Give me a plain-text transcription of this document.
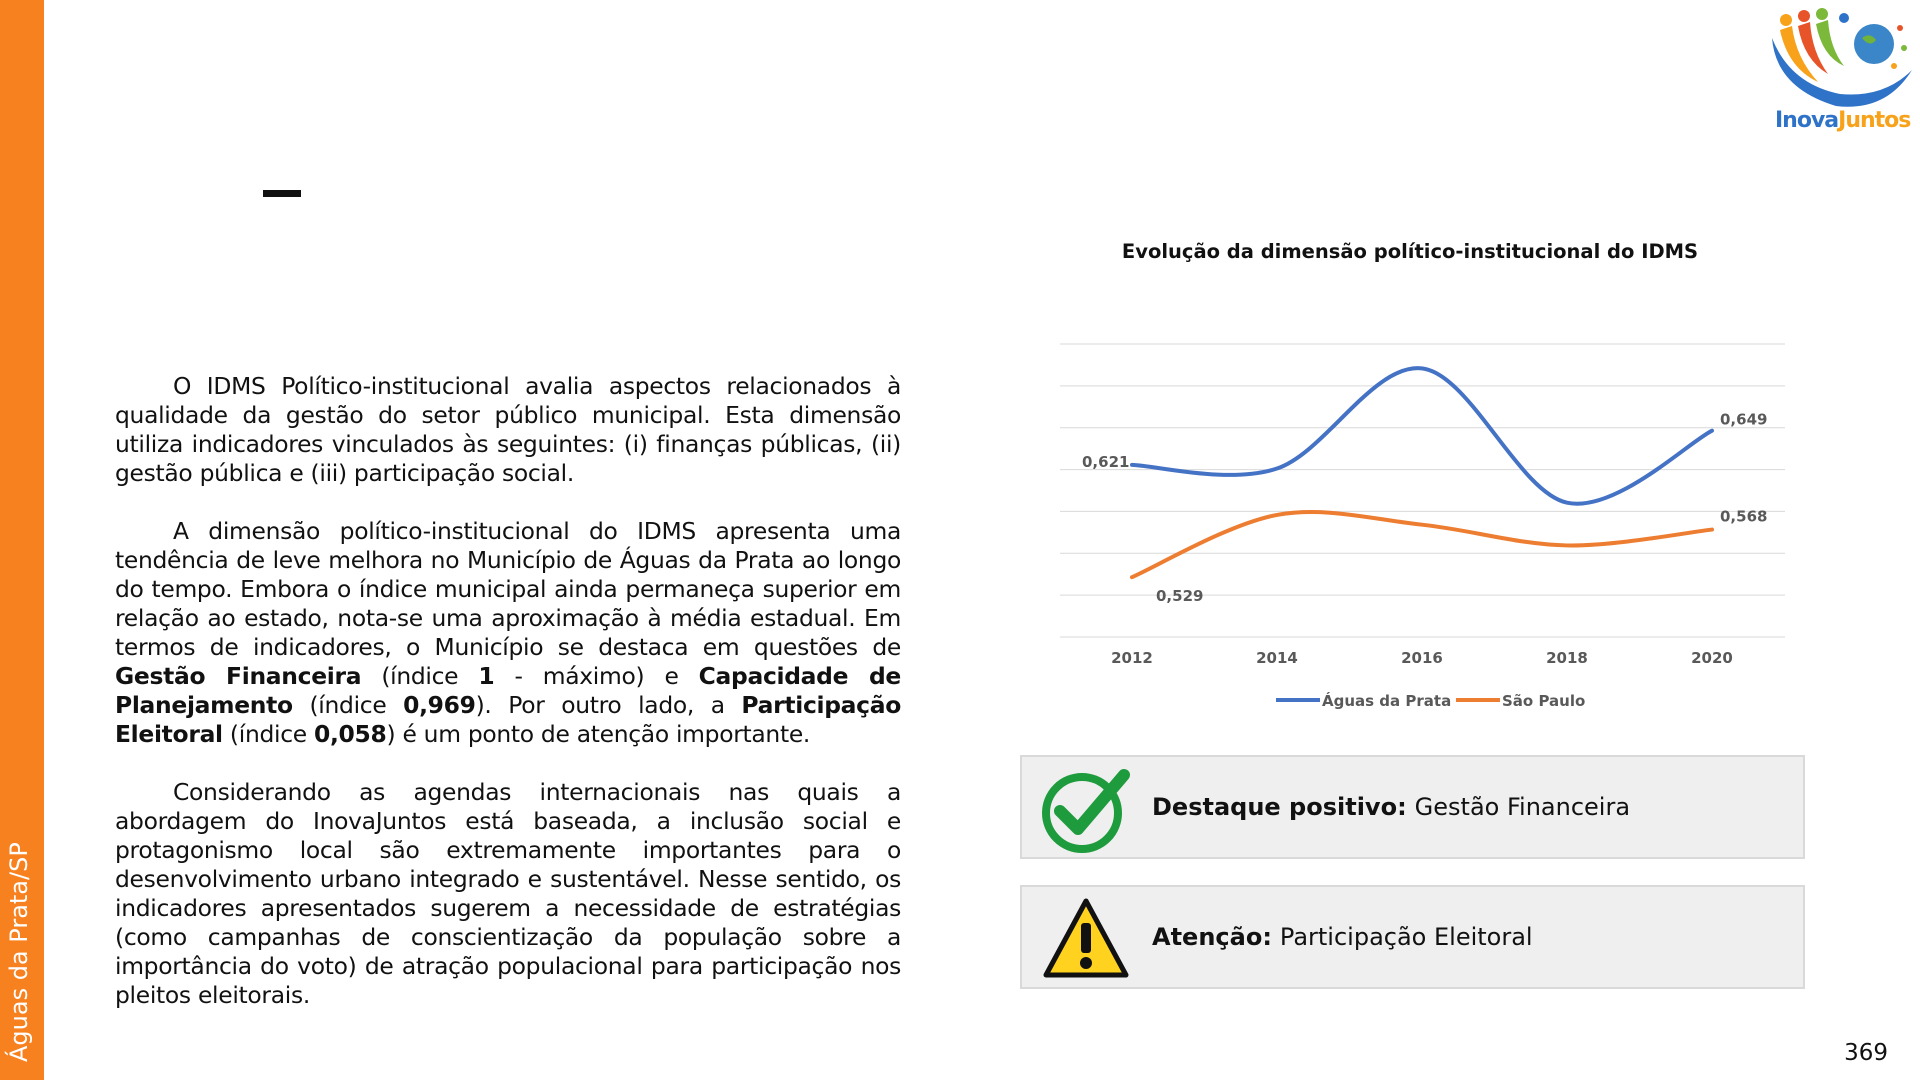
Águas da Prata/SP
InovaJuntos

O IDMS Político-institucional avalia aspectos relacionados à qualidade da gestão do setor público municipal. Esta dimensão utiliza indicadores vinculados às seguintes: (i) finanças públicas, (ii) gestão pública e (iii) participação social.

A dimensão político-institucional do IDMS apresenta uma tendência de leve melhora no Município de Águas da Prata ao longo do tempo. Embora o índice municipal ainda permaneça superior em relação ao estado, nota-se uma aproximação à média estadual. Em termos de indicadores, o Município se destaca em questões de Gestão Financeira (índice 1 - máximo) e Capacidade de Planejamento (índice 0,969). Por outro lado, a Participação Eleitoral (índice 0,058) é um ponto de atenção importante.

Considerando as agendas internacionais nas quais a abordagem do InovaJuntos está baseada, a inclusão social e protagonismo local são extremamente importantes para o desenvolvimento urbano integrado e sustentável. Nesse sentido, os indicadores apresentados sugerem a necessidade de estratégias (como campanhas de conscientização da população sobre a importância do voto) de atração populacional para participação nos pleitos eleitorais.

Evolução da dimensão político-institucional do IDMS
0,621
0,649
0,529
0,568
2012	2014	2016	2018	2020
Águas da Prata	São Paulo
Destaque positivo: Gestão Financeira
Atenção: Participação Eleitoral
369
